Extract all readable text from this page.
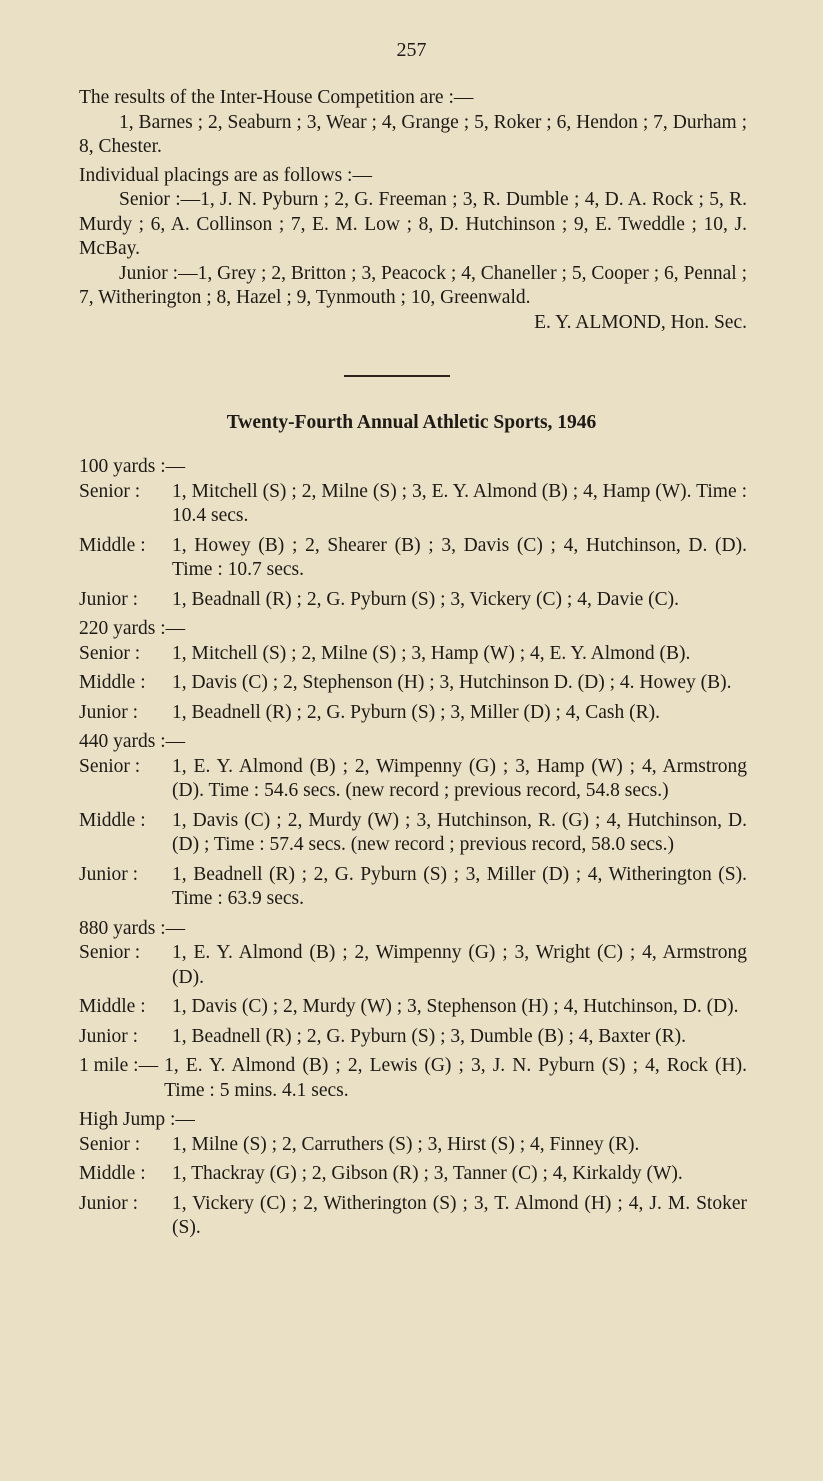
257

The results of the Inter-House Competition are :—

1, Barnes ; 2, Seaburn ; 3, Wear ; 4, Grange ; 5, Roker ; 6, Hendon ; 7, Durham ; 8, Chester.

Individual placings are as follows :—

Senior :—1, J. N. Pyburn ; 2, G. Freeman ; 3, R. Dumble ; 4, D. A. Rock ; 5, R. Murdy ; 6, A. Collinson ; 7, E. M. Low ; 8, D. Hutchinson ; 9, E. Tweddle ; 10, J. McBay.

Junior :—1, Grey ; 2, Britton ; 3, Peacock ; 4, Chaneller ; 5, Cooper ; 6, Pennal ; 7, Witherington ; 8, Hazel ; 9, Tynmouth ; 10, Greenwald.

E. Y. ALMOND, Hon. Sec.

Twenty-Fourth Annual Athletic Sports, 1946

100 yards :—

Senior :	1, Mitchell (S) ; 2, Milne (S) ; 3, E. Y. Almond (B) ; 4, Hamp (W). Time : 10.4 secs.
Middle :	1, Howey (B) ; 2, Shearer (B) ; 3, Davis (C) ; 4, Hutchinson, D. (D). Time : 10.7 secs.
Junior :	1, Beadnall (R) ; 2, G. Pyburn (S) ; 3, Vickery (C) ; 4, Davie (C).

220 yards :—

Senior :	1, Mitchell (S) ; 2, Milne (S) ; 3, Hamp (W) ; 4, E. Y. Almond (B).
Middle :	1, Davis (C) ; 2, Stephenson (H) ; 3, Hutchinson D. (D) ; 4. Howey (B).
Junior :	1, Beadnell (R) ; 2, G. Pyburn (S) ; 3, Miller (D) ; 4, Cash (R).

440 yards :—

Senior :	1, E. Y. Almond (B) ; 2, Wimpenny (G) ; 3, Hamp (W) ; 4, Armstrong (D). Time : 54.6 secs. (new record ; previous record, 54.8 secs.)
Middle :	1, Davis (C) ; 2, Murdy (W) ; 3, Hutchinson, R. (G) ; 4, Hutchinson, D. (D) ; Time : 57.4 secs. (new record ; previous record, 58.0 secs.)
Junior :	1, Beadnell (R) ; 2, G. Pyburn (S) ; 3, Miller (D) ; 4, Witherington (S). Time : 63.9 secs.

880 yards :—

Senior :	1, E. Y. Almond (B) ; 2, Wimpenny (G) ; 3, Wright (C) ; 4, Armstrong (D).
Middle :	1, Davis (C) ; 2, Murdy (W) ; 3, Stephenson (H) ; 4, Hutchinson, D. (D).
Junior :	1, Beadnell (R) ; 2, G. Pyburn (S) ; 3, Dumble (B) ; 4, Baxter (R).
1 mile :— 1, E. Y. Almond (B) ; 2, Lewis (G) ; 3, J. N. Pyburn (S) ; 4, Rock (H). Time : 5 mins. 4.1 secs.

High Jump :—

Senior :	1, Milne (S) ; 2, Carruthers (S) ; 3, Hirst (S) ; 4, Finney (R).
Middle :	1, Thackray (G) ; 2, Gibson (R) ; 3, Tanner (C) ; 4, Kirkaldy (W).
Junior :	1, Vickery (C) ; 2, Witherington (S) ; 3, T. Almond (H) ; 4, J. M. Stoker (S).
